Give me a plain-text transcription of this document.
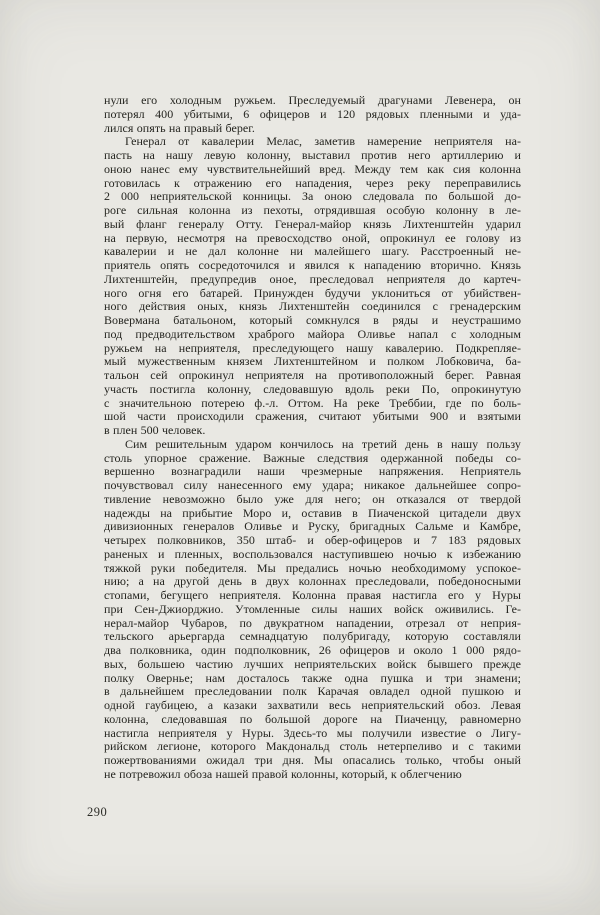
нули его холодным ружьем. Преследуемый драгунами Левенера, он
потерял 400 убитыми, 6 офицеров и 120 рядовых пленными и уда-
лился опять на правый берег.
Генерал от кавалерии Мелас, заметив намерение неприятеля на-
пасть на нашу левую колонну, выставил против него артиллерию и
оною нанес ему чувствительнейший вред. Между тем как сия колонна
готовилась к отражению его нападения, через реку переправились
2 000 неприятельской конницы. За оною следовала по большой до-
роге сильная колонна из пехоты, отрядившая особую колонну в ле-
вый фланг генералу Отту. Генерал-майор князь Лихтенштейн ударил
на первую, несмотря на превосходство оной, опрокинул ее голову из
кавалерии и не дал колонне ни малейшего шагу. Расстроенный не-
приятель опять сосредоточился и явился к нападению вторично. Князь
Лихтенштейн, предупредив оное, преследовал неприятеля до картеч-
ного огня его батарей. Принужден будучи уклониться от убийствен-
ного действия оных, князь Лихтенштейн соединился с гренадерским
Вовермана батальоном, который сомкнулся в ряды и неустрашимо
под предводительством храброго майора Оливье напал с холодным
ружьем на неприятеля, преследующего нашу кавалерию. Подкрепляе-
мый мужественным князем Лихтенштейном и полком Лобковича, ба-
тальон сей опрокинул неприятеля на противоположный берег. Равная
участь постигла колонну, следовавшую вдоль реки По, опрокинутую
с значительною потерею ф.-л. Оттом. На реке Треббии, где по боль-
шой части происходили сражения, считают убитыми 900 и взятыми
в плен 500 человек.
Сим решительным ударом кончилось на третий день в нашу пользу
столь упорное сражение. Важные следствия одержанной победы со-
вершенно вознаградили наши чрезмерные напряжения. Неприятель
почувствовал силу нанесенного ему удара; никакое дальнейшее сопро-
тивление невозможно было уже для него; он отказался от твердой
надежды на прибытие Моро и, оставив в Пиаченской цитадели двух
дивизионных генералов Оливье и Руску, бригадных Сальме и Камбре,
четырех полковников, 350 штаб- и обер-офицеров и 7 183 рядовых
раненых и пленных, воспользовался наступившею ночью к избежанию
тяжкой руки победителя. Мы предались ночью необходимому успокое-
нию; а на другой день в двух колоннах преследовали, победоносными
стопами, бегущего неприятеля. Колонна правая настигла его у Нуры
при Сен-Джиорджио. Утомленные силы наших войск оживились. Ге-
нерал-майор Чубаров, по двукратном нападении, отрезал от неприя-
тельского арьергарда семнадцатую полубригаду, которую составляли
два полковника, один подполковник, 26 офицеров и около 1 000 рядо-
вых, большею частию лучших неприятельских войск бывшего прежде
полку Овернье; нам досталось также одна пушка и три знамени;
в дальнейшем преследовании полк Карачая овладел одной пушкою и
одной гаубицею, а казаки захватили весь неприятельский обоз. Левая
колонна, следовавшая по большой дороге на Пиаченцу, равномерно
настигла неприятеля у Нуры. Здесь-то мы получили известие о Лигу-
рийском легионе, которого Макдональд столь нетерпеливо и с такими
пожертвованиями ожидал три дня. Мы опасались только, чтобы оный
не потревожил обоза нашей правой колонны, который, к облегчению
290
